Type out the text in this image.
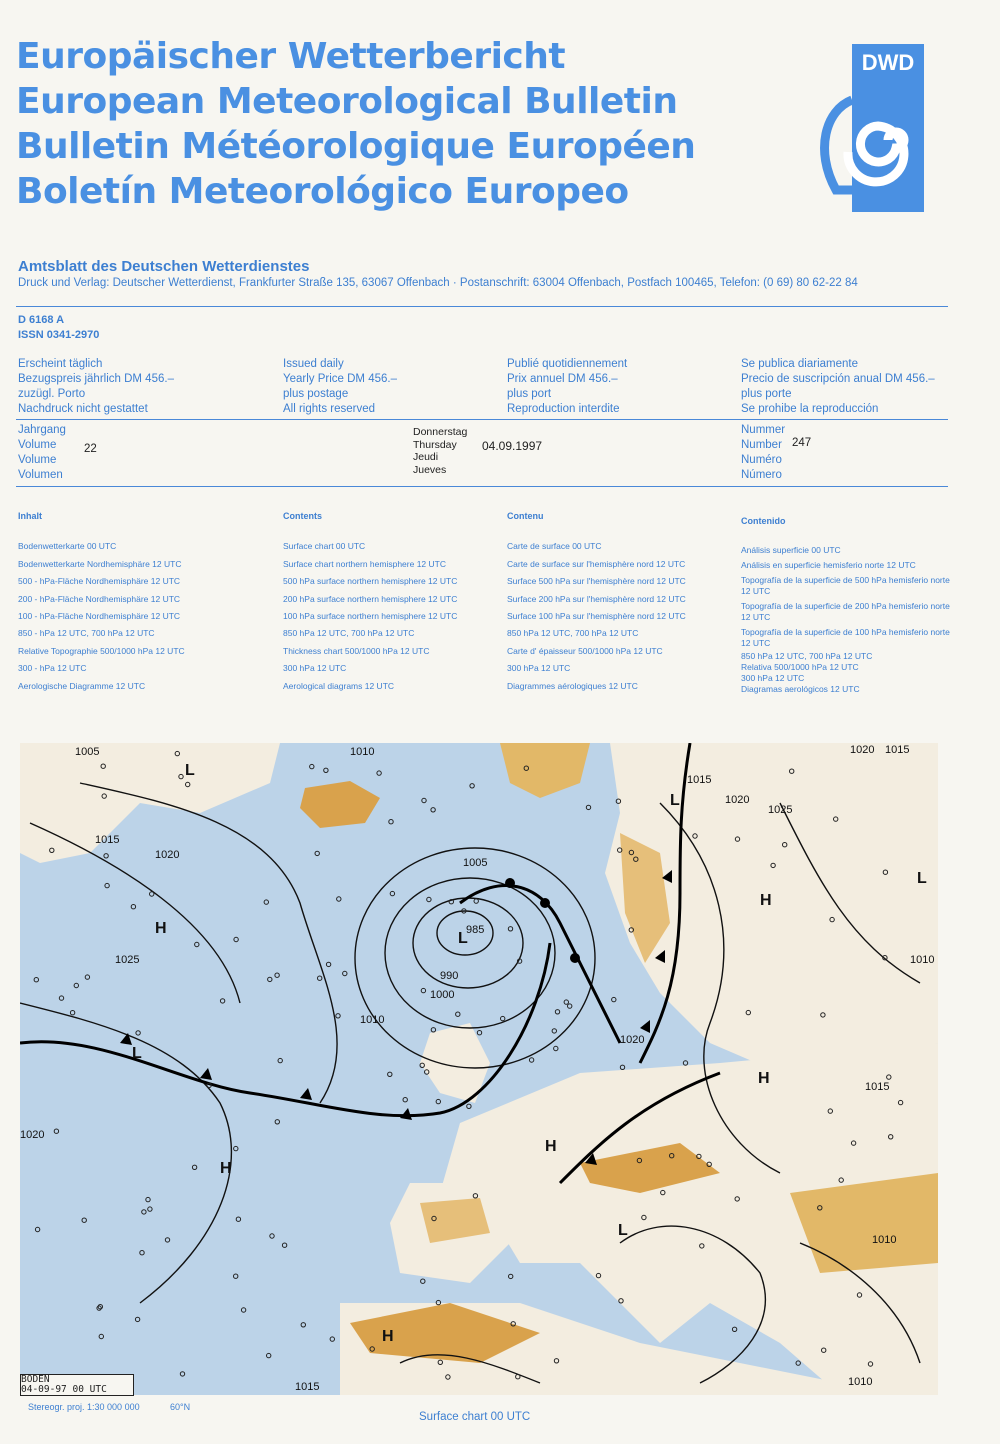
Europäischer Wetterbericht
European Meteorological Bulletin
Bulletin Météorologique Européen
Boletín Meteorológico Europeo
DWD
Amtsblatt des Deutschen Wetterdienstes
Druck und Verlag: Deutscher Wetterdienst, Frankfurter Straße 135, 63067 Offenbach · Postanschrift: 63004 Offenbach, Postfach 100465, Telefon: (0 69) 80 62-22 84
D 6168 A
ISSN 0341-2970
Erscheint täglich
Bezugspreis jährlich DM 456.–
zuzügl. Porto
Nachdruck nicht gestattet
Issued daily
Yearly Price DM 456.–
plus postage
All rights reserved
Publié quotidiennement
Prix annuel DM 456.–
plus port
Reproduction interdite
Se publica diariamente
Precio de suscripción anual DM 456.–
plus porte
Se prohibe la reproducción
Jahrgang
Volume
Volume
Volumen
22
Donnerstag
Thursday
Jeudi
Jueves
04.09.1997
Nummer
Number
Numéro
Número
247
Inhalt
Bodenwetterkarte 00 UTC
Bodenwetterkarte Nordhemisphäre 12 UTC
500 - hPa-Fläche Nordhemisphäre 12 UTC
200 - hPa-Fläche Nordhemisphäre 12 UTC
100 - hPa-Fläche Nordhemisphäre 12 UTC
850 - hPa 12 UTC, 700 hPa 12 UTC
Relative Topographie 500/1000 hPa 12 UTC
300 - hPa 12 UTC
Aerologische Diagramme 12 UTC
Contents
Surface chart 00 UTC
Surface chart northern hemisphere 12 UTC
500 hPa surface northern hemisphere 12 UTC
200 hPa surface northern hemisphere 12 UTC
100 hPa surface northern hemisphere 12 UTC
850 hPa 12 UTC, 700 hPa 12 UTC
Thickness chart 500/1000 hPa 12 UTC
300 hPa 12 UTC
Aerological diagrams 12 UTC
Contenu
Carte de surface 00 UTC
Carte de surface sur l'hemisphère nord 12 UTC
Surface 500 hPa sur l'hemisphère nord 12 UTC
Surface 200 hPa sur l'hemisphère nord 12 UTC
Surface 100 hPa sur l'hemisphère nord 12 UTC
850 hPa 12 UTC, 700 hPa 12 UTC
Carte d' épaisseur 500/1000 hPa 12 UTC
300 hPa 12 UTC
Diagrammes aérologiques 12 UTC
Contenido
Análisis superficie 00 UTC
Análisis en superficie hemisferio norte 12 UTC
Topografía de la superficie de 500 hPa hemisferio norte 12 UTC
Topografía de la superficie de 200 hPa hemisferio norte 12 UTC
Topografía de la superficie de 100 hPa hemisferio norte 12 UTC
850 hPa 12 UTC, 700 hPa 12 UTC
Relativa 500/1000 hPa 12 UTC
300 hPa 12 UTC
Diagramas aerológicos 12 UTC
1005	1010
1015
1020
1025
985
990
1000
1005
1010
1015
1020
1025
1020 1015
1010
1020
1015
1010
1020
1010
1015
L
L
H
H
L
H
H
L
H
L
L
H
BODEN
04-09-97 00 UTC
Stereogr. proj. 1:30 000 000	60°N
Surface chart 00 UTC
